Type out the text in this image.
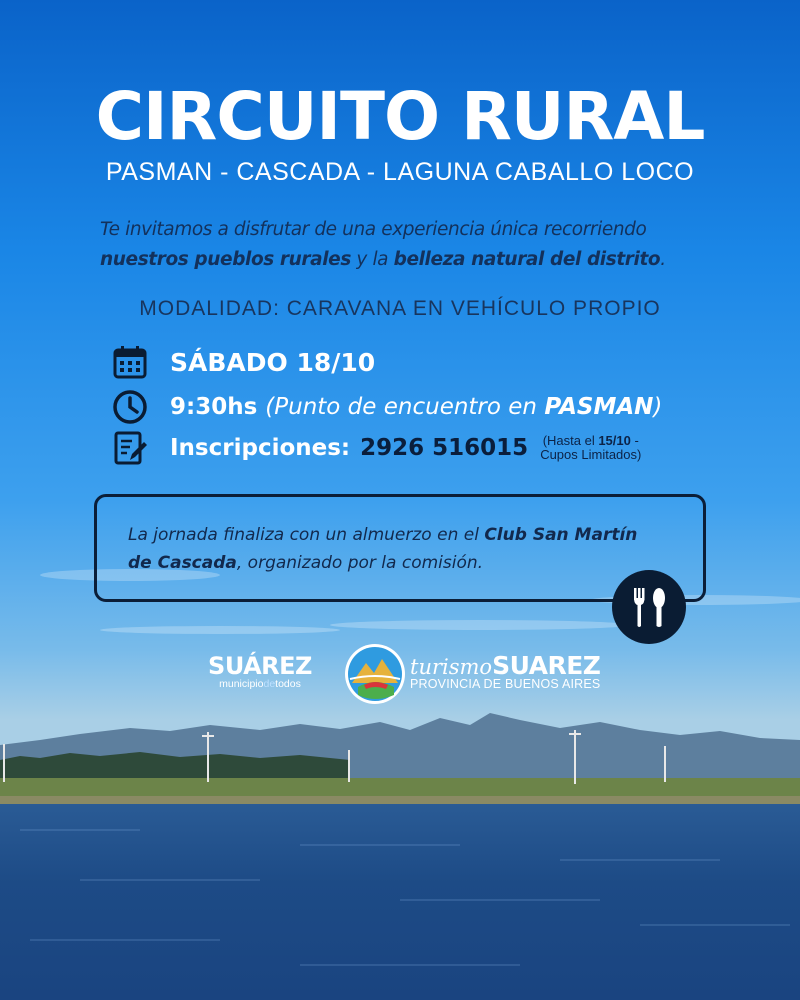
CIRCUITO RURAL
PASMAN - CASCADA - LAGUNA CABALLO LOCO
Te invitamos a disfrutar de una experiencia única recorriendo
nuestros pueblos rurales y la belleza natural del distrito.
MODALIDAD: CARAVANA EN VEHÍCULO PROPIO
SÁBADO 18/10
9:30hs (Punto de encuentro en PASMAN)
Inscripciones: 2926 516015 (Hasta el 15/10 -
Cupos Limitados)
La jornada finaliza con un almuerzo en el Club San Martín
de Cascada, organizado por la comisión.
SUÁREZ
municipiodetodos
turismoSUAREZ
PROVINCIA DE BUENOS AIRES
